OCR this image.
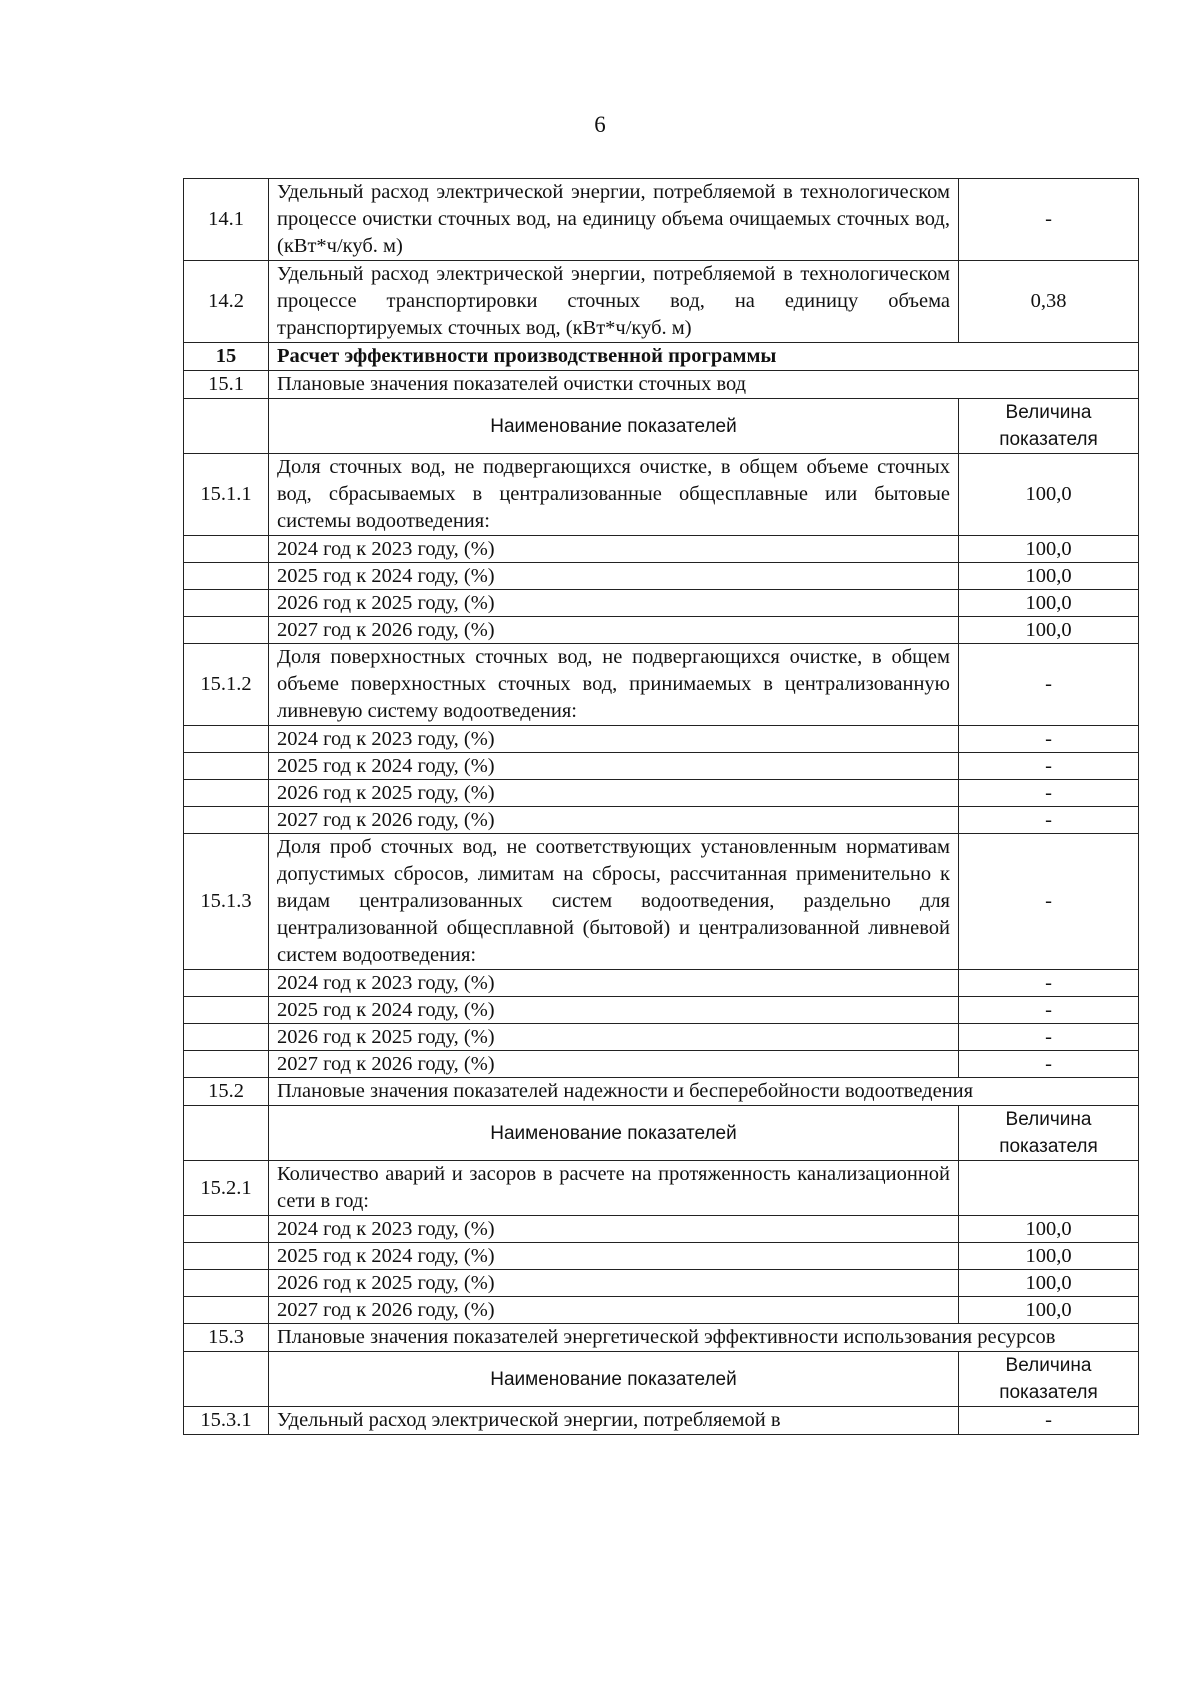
6
14.1	Удельный расход электрической энергии, потребляемой в технологическом процессе очистки сточных вод, на единицу объема очищаемых сточных вод, (кВт*ч/куб. м)	-
14.2	Удельный расход электрической энергии, потребляемой в технологическом процессе транспортировки сточных вод, на единицу объема транспортируемых сточных вод, (кВт*ч/куб. м)	0,38
15	Расчет эффективности производственной программы	
15.1	Плановые значения показателей очистки сточных вод	
	Наименование показателей	Величина показателя
15.1.1	Доля сточных вод, не подвергающихся очистке, в общем объеме сточных вод, сбрасываемых в централизованные общесплавные или бытовые системы водоотведения:	100,0
	2024 год к 2023 году, (%)	100,0
	2025 год к 2024 году, (%)	100,0
	2026 год к 2025 году, (%)	100,0
	2027 год к 2026 году, (%)	100,0
15.1.2	Доля поверхностных сточных вод, не подвергающихся очистке, в общем объеме поверхностных сточных вод, принимаемых в централизованную ливневую систему водоотведения:	-
	2024 год к 2023 году, (%)	-
	2025 год к 2024 году, (%)	-
	2026 год к 2025 году, (%)	-
	2027 год к 2026 году, (%)	-
15.1.3	Доля проб сточных вод, не соответствующих установленным нормативам допустимых сбросов, лимитам на сбросы, рассчитанная применительно к видам централизованных систем водоотведения, раздельно для централизованной общесплавной (бытовой) и централизованной ливневой систем водоотведения:	-
	2024 год к 2023 году, (%)	-
	2025 год к 2024 году, (%)	-
	2026 год к 2025 году, (%)	-
	2027 год к 2026 году, (%)	-
15.2	Плановые значения показателей надежности и бесперебойности водоотведения	
	Наименование показателей	Величина показателя
15.2.1	Количество аварий и засоров в расчете на протяженность канализационной сети в год:	
	2024 год к 2023 году, (%)	100,0
	2025 год к 2024 году, (%)	100,0
	2026 год к 2025 году, (%)	100,0
	2027 год к 2026 году, (%)	100,0
15.3	Плановые значения показателей энергетической эффективности использования ресурсов	
	Наименование показателей	Величина показателя
15.3.1	Удельный расход электрической энергии, потребляемой в	-
